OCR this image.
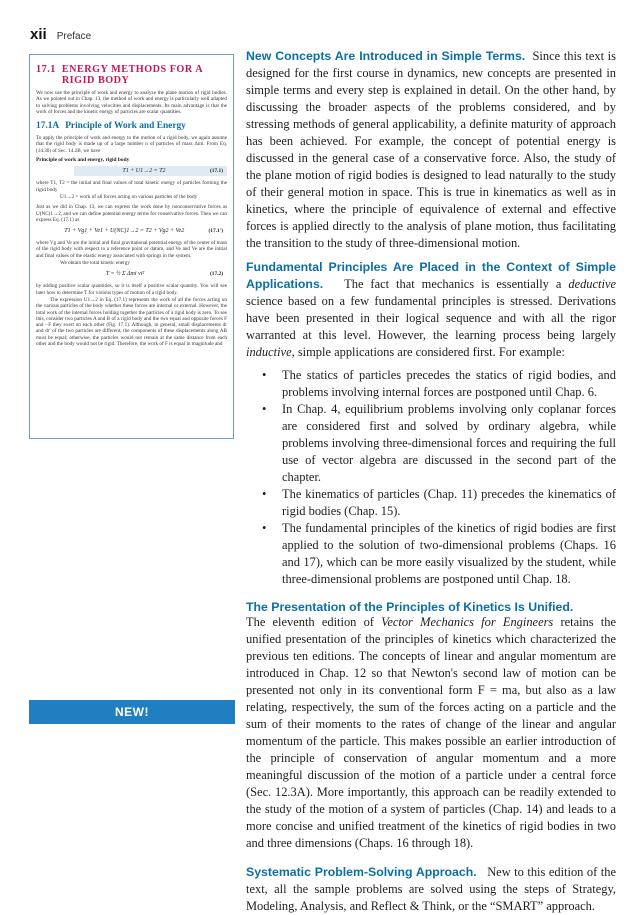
xii Preface
17.1 ENERGY METHODS FOR A
RIGID BODY

We now use the principle of work and energy to analyze the plane motion of rigid bodies. As we pointed out in Chap. 13, the method of work and energy is particularly well adapted to solving problems involving velocities and displacements. Its main advantage is that the work of forces and the kinetic energy of particles are scalar quantities.

17.1A Principle of Work and Energy

To apply the principle of work and energy to the motion of a rigid body, we again assume that the rigid body is made up of a large number n of particles of mass Δmi. From Eq. (14.30) of Sec. 14.2B, we have

Principle of work and energy, rigid body
T1 + U1→2 = T2	(17.1)

where T1, T2 = the initial and final values of total kinetic energy of particles forming the rigid body

U1→2 = work of all forces acting on various particles of the body

Just as we did in Chap. 13, we can express the work done by nonconservative forces as U(NC)1→2, and we can define potential energy terms for conservative forces. Then we can express Eq. (17.1) as

T1 + Vg1 + Ve1 + U(NC)1→2 = T2 + Vg2 + Ve2	(17.1′)

where Vg and Ve are the initial and final gravitational potential energy of the center of mass of the rigid body with respect to a reference point or datum, and Ve and Ve are the initial and final values of the elastic energy associated with springs in the system.

We obtain the total kinetic energy

T = ½ Σ Δmi vi²	(17.2)

by adding positive scalar quantities, so it is itself a positive scalar quantity. You will see later how to determine T for various types of motion of a rigid body.

The expression U1→2 in Eq. (17.1) represents the work of all the forces acting on the various particles of the body whether these forces are internal or external. However, the total work of the internal forces holding together the particles of a rigid body is zero. To see this, consider two particles A and B of a rigid body and the two equal and opposite forces F and −F they exert on each other (Fig. 17.1). Although, in general, small displacements dr and dr′ of the two particles are different, the components of these displacements along AB must be equal; otherwise, the particles would not remain at the same distance from each other and the body would not be rigid. Therefore, the work of F is equal in magnitude and

NEW!

New Concepts Are Introduced in Simple Terms. Since this text is designed for the first course in dynamics, new concepts are presented in simple terms and every step is explained in detail. On the other hand, by discussing the broader aspects of the problems considered, and by stressing methods of general applicability, a definite maturity of approach has been achieved. For example, the concept of potential energy is discussed in the general case of a conservative force. Also, the study of the plane motion of rigid bodies is designed to lead naturally to the study of their general motion in space. This is true in kinematics as well as in kinetics, where the principle of equivalence of external and effective forces is applied directly to the analysis of plane motion, thus facilitating the transition to the study of three-dimensional motion.

Fundamental Principles Are Placed in the Context of Simple Applications. The fact that mechanics is essentially a deductive science based on a few fundamental principles is stressed. Derivations have been presented in their logical sequence and with all the rigor warranted at this level. However, the learning process being largely inductive, simple applications are considered first. For example:

• The statics of particles precedes the statics of rigid bodies, and problems involving internal forces are postponed until Chap. 6.
• In Chap. 4, equilibrium problems involving only coplanar forces are considered first and solved by ordinary algebra, while problems involving three-dimensional forces and requiring the full use of vector algebra are discussed in the second part of the chapter.
• The kinematics of particles (Chap. 11) precedes the kinematics of rigid bodies (Chap. 15).
• The fundamental principles of the kinetics of rigid bodies are first applied to the solution of two-dimensional problems (Chaps. 16 and 17), which can be more easily visualized by the student, while three-dimensional problems are postponed until Chap. 18.
The Presentation of the Principles of Kinetics Is Unified.

The eleventh edition of Vector Mechanics for Engineers retains the unified presentation of the principles of kinetics which characterized the previous ten editions. The concepts of linear and angular momentum are introduced in Chap. 12 so that Newton's second law of motion can be presented not only in its conventional form F = ma, but also as a law relating, respectively, the sum of the forces acting on a particle and the sum of their moments to the rates of change of the linear and angular momentum of the particle. This makes possible an earlier introduction of the principle of conservation of angular momentum and a more meaningful discussion of the motion of a particle under a central force (Sec. 12.3A). More importantly, this approach can be readily extended to the study of the motion of a system of particles (Chap. 14) and leads to a more concise and unified treatment of the kinetics of rigid bodies in two and three dimensions (Chaps. 16 through 18).

Systematic Problem-Solving Approach. New to this edition of the text, all the sample problems are solved using the steps of Strategy, Modeling, Analysis, and Reflect & Think, or the “SMART” approach.
